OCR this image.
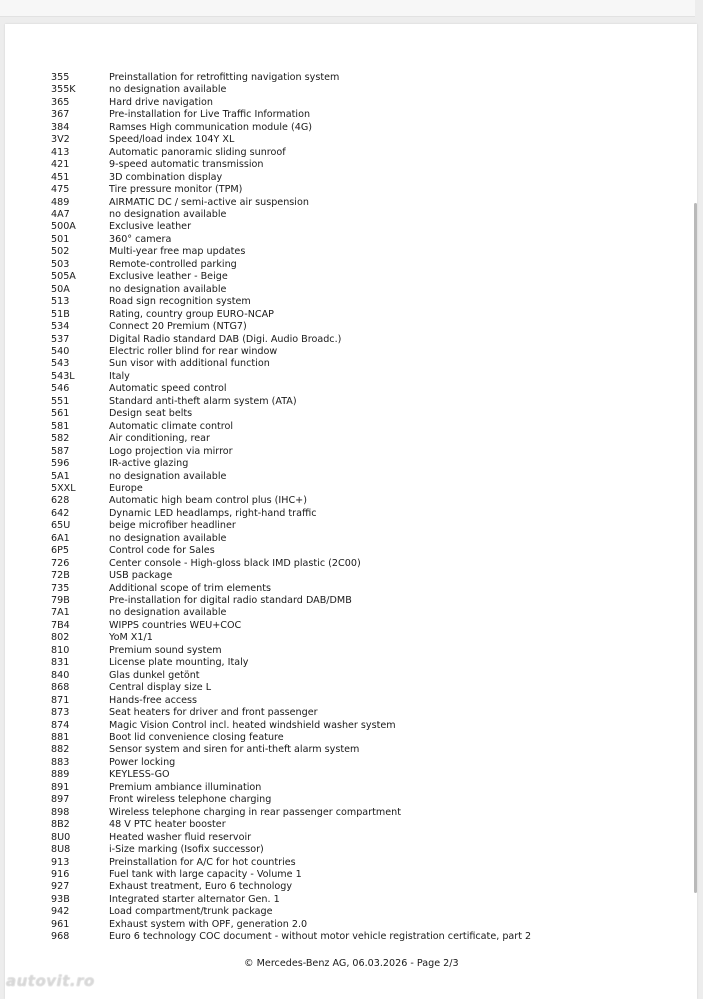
355	Preinstallation for retrofitting navigation system
355K	no designation available
365	Hard drive navigation
367	Pre-installation for Live Traffic Information
384	Ramses High communication module (4G)
3V2	Speed/load index 104Y XL
413	Automatic panoramic sliding sunroof
421	9-speed automatic transmission
451	3D combination display
475	Tire pressure monitor (TPM)
489	AIRMATIC DC / semi-active air suspension
4A7	no designation available
500A	Exclusive leather
501	360° camera
502	Multi-year free map updates
503	Remote-controlled parking
505A	Exclusive leather - Beige
50A	no designation available
513	Road sign recognition system
51B	Rating, country group EURO-NCAP
534	Connect 20 Premium (NTG7)
537	Digital Radio standard DAB (Digi. Audio Broadc.)
540	Electric roller blind for rear window
543	Sun visor with additional function
543L	Italy
546	Automatic speed control
551	Standard anti-theft alarm system (ATA)
561	Design seat belts
581	Automatic climate control
582	Air conditioning, rear
587	Logo projection via mirror
596	IR-active glazing
5A1	no designation available
5XXL	Europe
628	Automatic high beam control plus (IHC+)
642	Dynamic LED headlamps, right-hand traffic
65U	beige microfiber headliner
6A1	no designation available
6P5	Control code for Sales
726	Center console - High-gloss black IMD plastic (2C00)
72B	USB package
735	Additional scope of trim elements
79B	Pre-installation for digital radio standard DAB/DMB
7A1	no designation available
7B4	WIPPS countries WEU+COC
802	YoM X1/1
810	Premium sound system
831	License plate mounting, Italy
840	Glas dunkel getönt
868	Central display size L
871	Hands-free access
873	Seat heaters for driver and front passenger
874	Magic Vision Control incl. heated windshield washer system
881	Boot lid convenience closing feature
882	Sensor system and siren for anti-theft alarm system
883	Power locking
889	KEYLESS-GO
891	Premium ambiance illumination
897	Front wireless telephone charging
898	Wireless telephone charging in rear passenger compartment
8B2	48 V PTC heater booster
8U0	Heated washer fluid reservoir
8U8	i-Size marking (Isofix successor)
913	Preinstallation for A/C for hot countries
916	Fuel tank with large capacity - Volume 1
927	Exhaust treatment, Euro 6 technology
93B	Integrated starter alternator Gen. 1
942	Load compartment/trunk package
961	Exhaust system with OPF, generation 2.0
968	Euro 6 technology COC document - without motor vehicle registration certificate, part 2
© Mercedes-Benz AG, 06.03.2026 - Page 2/3
autovit.ro
